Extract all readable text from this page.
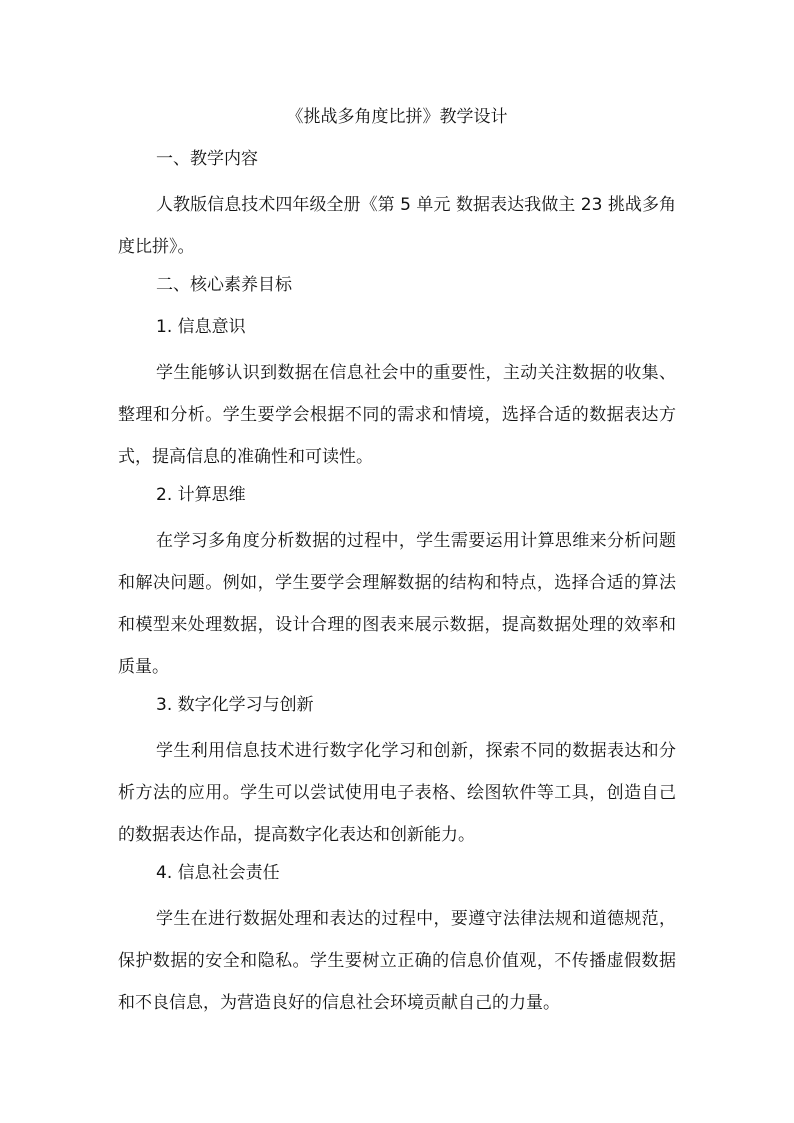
《挑战多角度比拼》教学设计
一、教学内容
人教版信息技术四年级全册《第 5 单元 数据表达我做主 23 挑战多角度比拼》。
二、核心素养目标
1. 信息意识
学生能够认识到数据在信息社会中的重要性，主动关注数据的收集、整理和分析。学生要学会根据不同的需求和情境，选择合适的数据表达方式，提高信息的准确性和可读性。
2. 计算思维
在学习多角度分析数据的过程中，学生需要运用计算思维来分析问题和解决问题。例如，学生要学会理解数据的结构和特点，选择合适的算法和模型来处理数据，设计合理的图表来展示数据，提高数据处理的效率和质量。
3. 数字化学习与创新
学生利用信息技术进行数字化学习和创新，探索不同的数据表达和分析方法的应用。学生可以尝试使用电子表格、绘图软件等工具，创造自己的数据表达作品，提高数字化表达和创新能力。
4. 信息社会责任
学生在进行数据处理和表达的过程中，要遵守法律法规和道德规范，保护数据的安全和隐私。学生要树立正确的信息价值观，不传播虚假数据和不良信息，为营造良好的信息社会环境贡献自己的力量。
